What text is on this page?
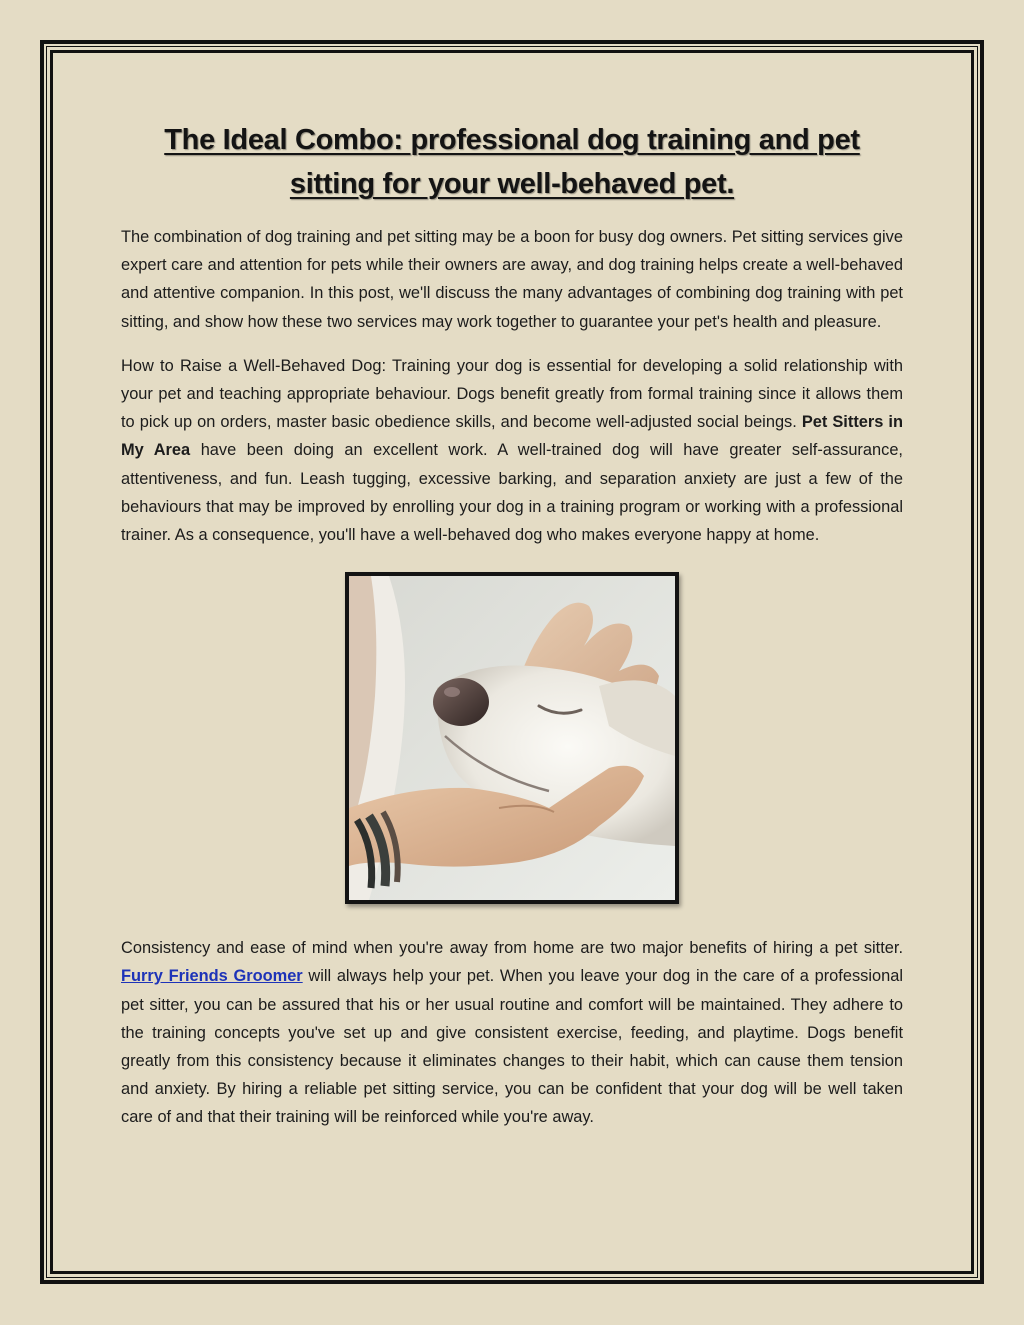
The Ideal Combo: professional dog training and pet sitting for your well-behaved pet.

The combination of dog training and pet sitting may be a boon for busy dog owners. Pet sitting services give expert care and attention for pets while their owners are away, and dog training helps create a well-behaved and attentive companion. In this post, we'll discuss the many advantages of combining dog training with pet sitting, and show how these two services may work together to guarantee your pet's health and pleasure.

How to Raise a Well-Behaved Dog: Training your dog is essential for developing a solid relationship with your pet and teaching appropriate behaviour. Dogs benefit greatly from formal training since it allows them to pick up on orders, master basic obedience skills, and become well-adjusted social beings. Pet Sitters in My Area have been doing an excellent work. A well-trained dog will have greater self-assurance, attentiveness, and fun. Leash tugging, excessive barking, and separation anxiety are just a few of the behaviours that may be improved by enrolling your dog in a training program or working with a professional trainer. As a consequence, you'll have a well-behaved dog who makes everyone happy at home.

Consistency and ease of mind when you're away from home are two major benefits of hiring a pet sitter. Furry Friends Groomer will always help your pet. When you leave your dog in the care of a professional pet sitter, you can be assured that his or her usual routine and comfort will be maintained. They adhere to the training concepts you've set up and give consistent exercise, feeding, and playtime. Dogs benefit greatly from this consistency because it eliminates changes to their habit, which can cause them tension and anxiety. By hiring a reliable pet sitting service, you can be confident that your dog will be well taken care of and that their training will be reinforced while you're away.
